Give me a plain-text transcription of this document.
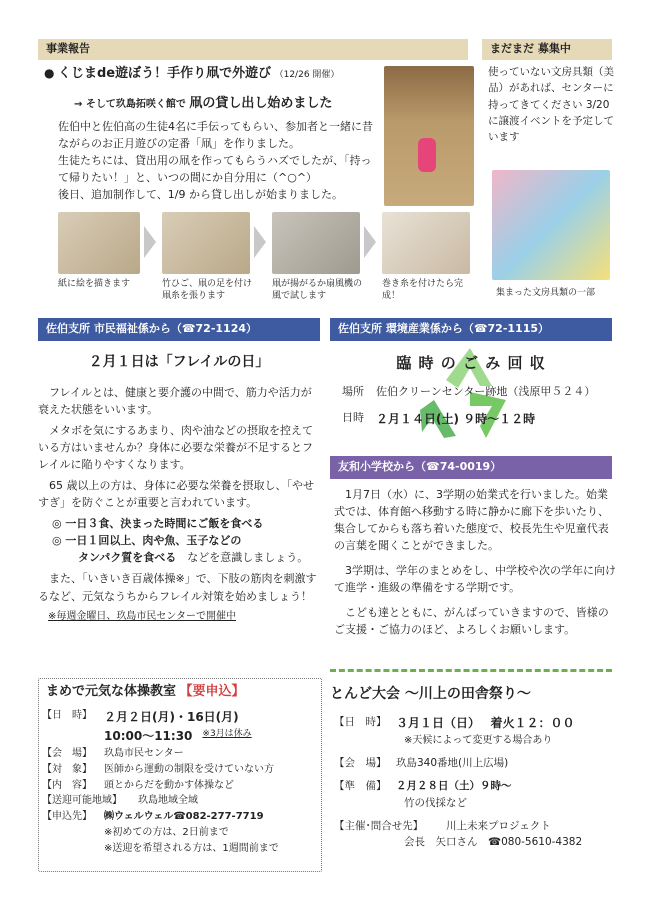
事業報告
● くじまde遊ぼう！手作り凧で外遊び （12/26 開催）
→ そして玖島拓咲く館で 凧の貸し出し始めました

佐伯中と佐伯高の生徒4名に手伝ってもらい、参加者と一緒に昔ながらのお正月遊びの定番「凧」を作りました。

生徒たちには、貸出用の凧を作ってもらうハズでしたが、「持って帰りたい！」と、いつの間にか自分用に（^○^）

後日、追加制作して、1/9 から貸し出しが始まりました。

紙に絵を描きます	竹ひご、凧の足を付け凧糸を張ります
凧が揚がるか扇風機の風で試します
巻き糸を付けたら完成！
まだまだ 募集中
使っていない文房具類（美品）があれば、センターに持ってきてください 3/20 に譲渡イベントを予定しています
集まった文房具類の一部
佐伯支所 市民福祉係から（☎72-1124）
２月１日は「フレイルの日」

フレイルとは、健康と要介護の中間で、筋力や活力が衰えた状態をいいます。

メタボを気にするあまり、肉や油などの摂取を控えている方はいませんか？身体に必要な栄養が不足するとフレイルに陥りやすくなります。

65 歳以上の方は、身体に必要な栄養を摂取し、「やせすぎ」を防ぐことが重要と言われています。

◎ 一日３食、決まった時間にご飯を食べる

◎ 一日１回以上、肉や魚、玉子などの

タンパク質を食べる　 などを意識しましょう。

また、「いきいき百歳体操※」で、下肢の筋肉を刺激するなど、元気なうちからフレイル対策を始めましょう！

※毎週金曜日、玖島市民センターで開催中

佐伯支所 環境産業係から（☎72-1115）
臨 時 の ご み 回 収
場所	佐伯クリーンセンター跡地（浅原甲５２４）
日時	２月１４日(土) ９時～１２時
友和小学校から（☎74-0019）

1月7日（水）に、3学期の始業式を行いました。始業式では、体育館へ移動する時に静かに廊下を歩いたり、集合してからも落ち着いた態度で、校長先生や児童代表の言葉を聞くことができました。

3学期は、学年のまとめをし、中学校や次の学年に向けて進学・進級の準備をする学期です。

こども達とともに、がんばっていきますので、皆様のご支援・ご協力のほど、よろしくお願いします。

まめで元気な体操教室 【要申込】
【日　時】	２月２日(月)・16日(月)
10:00～11:30
　 ※3月は休み
【会　場】	玖島市民センター
【対　象】	医師から運動の制限を受けていない方
【内　容】	頭とからだを動かす体操など
【送迎可能地域】	玖島地域全域
【申込先】	㈱ウェルウェル☎082-277-7719
※初めての方は、2日前まで
※送迎を希望される方は、1週間前まで
とんど大会 ～川上の田舎祭り～
【日　時】 ３月１日（日）
　 着火１２：００
※天候によって変更する場合あり
【会　場】 玖島340番地(川上広場)
【準　備】 ２月２８日（土）９時～
竹の伐採など
【主催･問合せ先】	川上未来プロジェクト
会長　矢口さん　 ☎080-5610-4382
